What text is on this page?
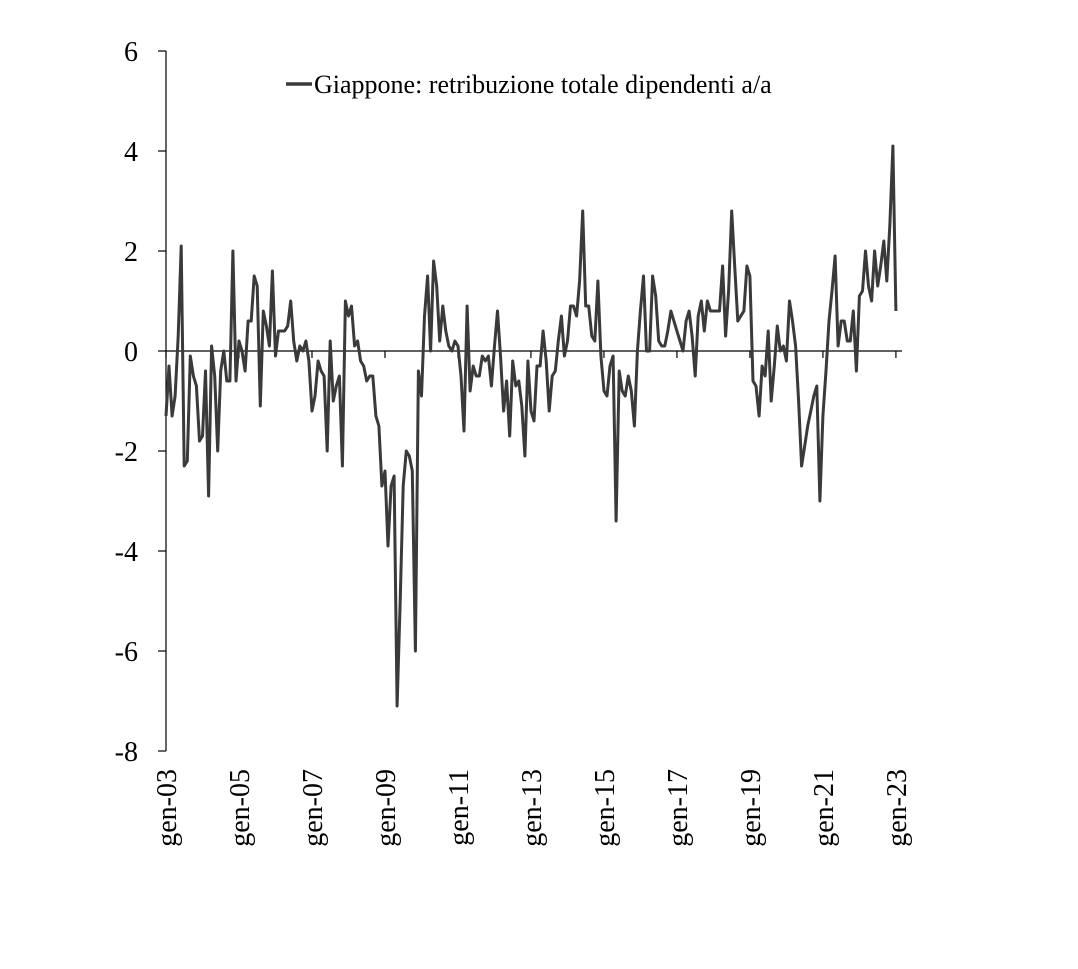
6
4
2
0
-2
-4
-6
-8
gen-03 gen-05 gen-07 gen-09 gen-11 gen-13 gen-15 gen-17 gen-19 gen-21 gen-23
Giappone: retribuzione totale dipendenti a/a
